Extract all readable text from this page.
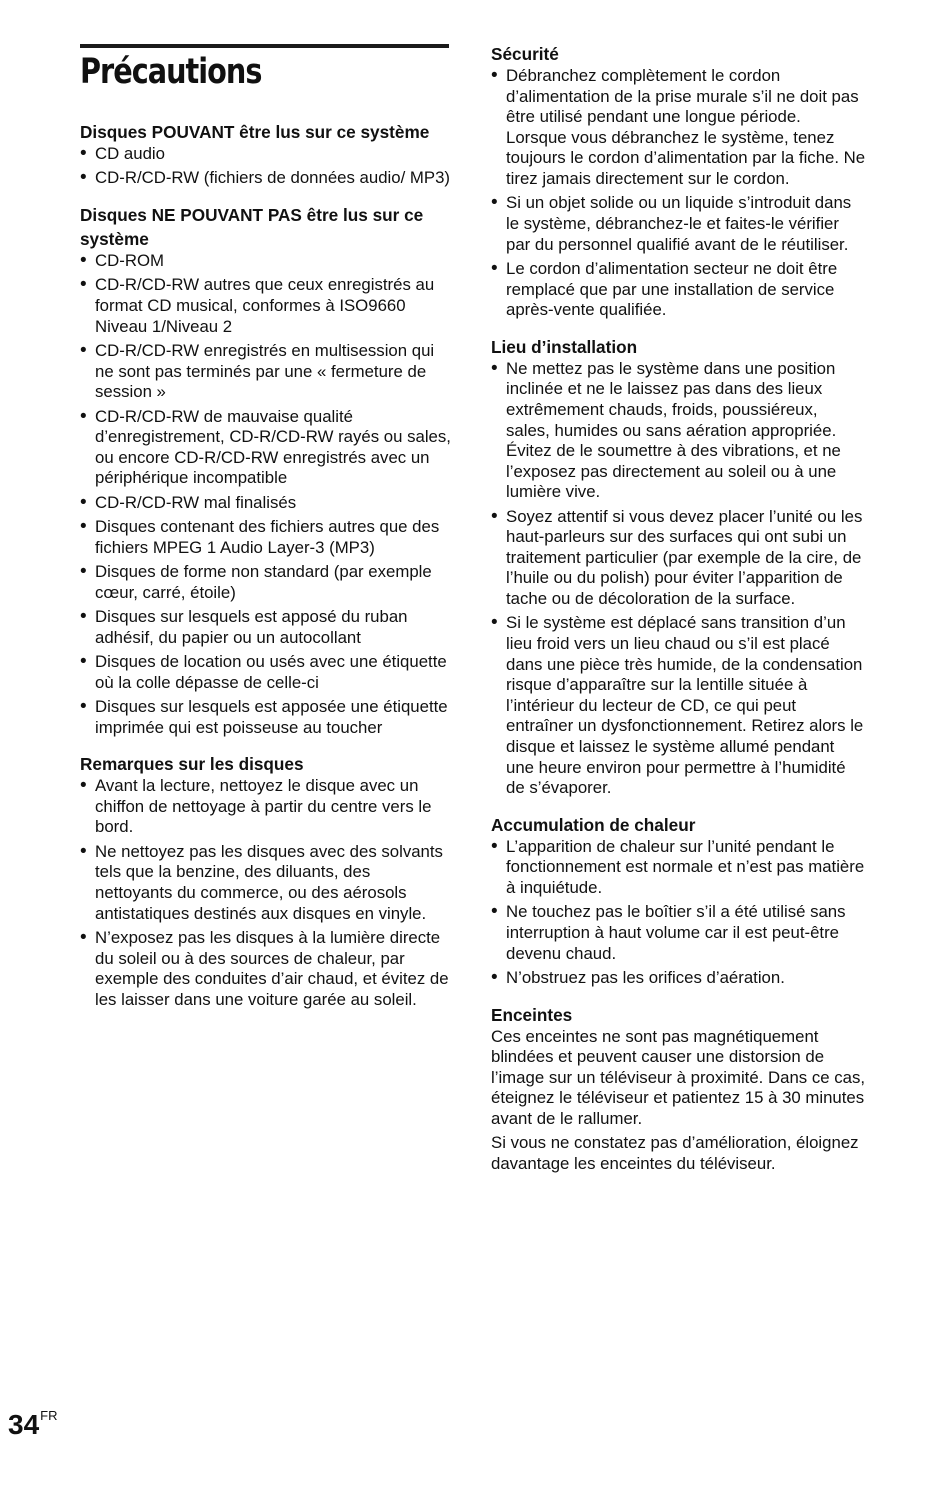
Précautions
Disques POUVANT être lus sur ce système
• CD audio
• CD-R/CD-RW (fichiers de données audio/ MP3)
Disques NE POUVANT PAS être lus sur ce système
• CD-ROM
• CD-R/CD-RW autres que ceux enregistrés au format CD musical, conformes à ISO9660 Niveau 1/Niveau 2
• CD-R/CD-RW enregistrés en multisession qui ne sont pas terminés par une « fermeture de session »
• CD-R/CD-RW de mauvaise qualité d’enregistrement, CD-R/CD-RW rayés ou sales, ou encore CD-R/CD-RW enregistrés avec un périphérique incompatible
• CD-R/CD-RW mal finalisés
• Disques contenant des fichiers autres que des fichiers MPEG 1 Audio Layer-3 (MP3)
• Disques de forme non standard (par exemple cœur, carré, étoile)
• Disques sur lesquels est apposé du ruban adhésif, du papier ou un autocollant
• Disques de location ou usés avec une étiquette où la colle dépasse de celle-ci
• Disques sur lesquels est apposée une étiquette imprimée qui est poisseuse au toucher
Remarques sur les disques
• Avant la lecture, nettoyez le disque avec un chiffon de nettoyage à partir du centre vers le bord.
• Ne nettoyez pas les disques avec des solvants tels que la benzine, des diluants, des nettoyants du commerce, ou des aérosols antistatiques destinés aux disques en vinyle.
• N’exposez pas les disques à la lumière directe du soleil ou à des sources de chaleur, par exemple des conduites d’air chaud, et évitez de les laisser dans une voiture garée au soleil.
Sécurité
• Débranchez complètement le cordon d’alimentation de la prise murale s’il ne doit pas être utilisé pendant une longue période. Lorsque vous débranchez le système, tenez toujours le cordon d’alimentation par la fiche. Ne tirez jamais directement sur le cordon.
• Si un objet solide ou un liquide s’introduit dans le système, débranchez-le et faites-le vérifier par du personnel qualifié avant de le réutiliser.
• Le cordon d’alimentation secteur ne doit être remplacé que par une installation de service après-vente qualifiée.
Lieu d’installation
• Ne mettez pas le système dans une position inclinée et ne le laissez pas dans des lieux extrêmement chauds, froids, poussiéreux, sales, humides ou sans aération appropriée. Évitez de le soumettre à des vibrations, et ne l’exposez pas directement au soleil ou à une lumière vive.
• Soyez attentif si vous devez placer l’unité ou les haut-parleurs sur des surfaces qui ont subi un traitement particulier (par exemple de la cire, de l’huile ou du polish) pour éviter l’apparition de tache ou de décoloration de la surface.
• Si le système est déplacé sans transition d’un lieu froid vers un lieu chaud ou s’il est placé dans une pièce très humide, de la condensation risque d’apparaître sur la lentille située à l’intérieur du lecteur de CD, ce qui peut entraîner un dysfonctionnement. Retirez alors le disque et laissez le système allumé pendant une heure environ pour permettre à l’humidité de s’évaporer.
Accumulation de chaleur
• L’apparition de chaleur sur l’unité pendant le fonctionnement est normale et n’est pas matière à inquiétude.
• Ne touchez pas le boîtier s’il a été utilisé sans interruption à haut volume car il est peut-être devenu chaud.
• N’obstruez pas les orifices d’aération.
Enceintes

Ces enceintes ne sont pas magnétiquement blindées et peuvent causer une distorsion de l’image sur un téléviseur à proximité. Dans ce cas, éteignez le téléviseur et patientez 15 à 30 minutes avant de le rallumer.

Si vous ne constatez pas d’amélioration, éloignez davantage les enceintes du téléviseur.

$34^{FR}$
